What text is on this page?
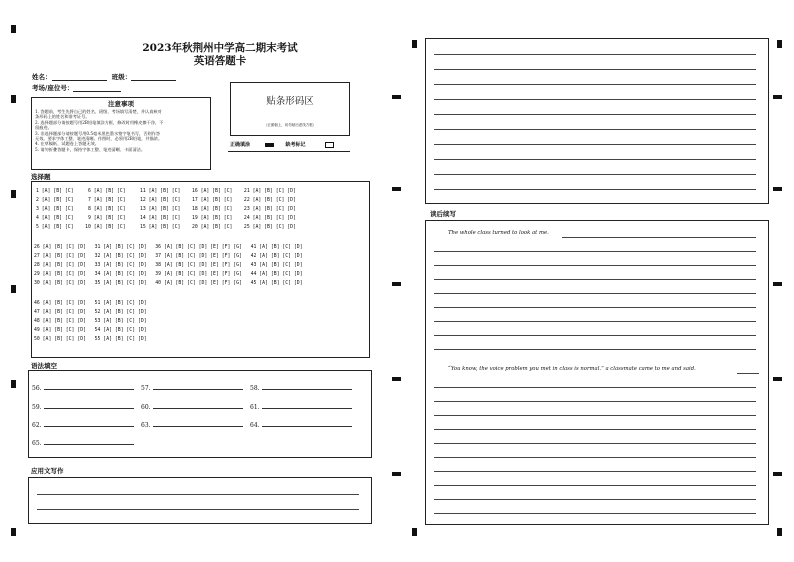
2023年秋荆州中学高二期末考试
英语答题卡
姓名：	班级：
考场/座位号：
注意事项
1. 答题前，考生先将自己的姓名、班级、考场填写清楚，并认真核对
条形码上的姓名和准考证号。
2. 选择题部分请按题号用2B铅笔填涂方框，修改时用橡皮擦干净，不
留痕迹。
3. 非选择题部分请按题号用0.5毫米黑色墨水签字笔书写，否则作答
无效。要求字体工整、笔迹清晰。作图时，必须用2B铅笔，并描浓。
4. 在草稿纸、试题卷上答题无效。
5. 请勿折叠答题卡，保持字体工整、笔迹清晰、卡面清洁。
贴条形码区
（正面朝上，切勿贴出虚线方框）
正确填涂	缺考标记
选择题
1 [A] [B] [C]     6 [A] [B] [C]     11 [A] [B] [C]    16 [A] [B] [C]    21 [A] [B] [C] [D]
2 [A] [B] [C]     7 [A] [B] [C]     12 [A] [B] [C]    17 [A] [B] [C]    22 [A] [B] [C] [D]
3 [A] [B] [C]     8 [A] [B] [C]     13 [A] [B] [C]    18 [A] [B] [C]    23 [A] [B] [C] [D]
4 [A] [B] [C]     9 [A] [B] [C]     14 [A] [B] [C]    19 [A] [B] [C]    24 [A] [B] [C] [D]
5 [A] [B] [C]    10 [A] [B] [C]     15 [A] [B] [C]    20 [A] [B] [C]    25 [A] [B] [C] [D]
26 [A] [B] [C] [D]   31 [A] [B] [C] [D]   36 [A] [B] [C] [D] [E] [F] [G]   41 [A] [B] [C] [D]
27 [A] [B] [C] [D]   32 [A] [B] [C] [D]   37 [A] [B] [C] [D] [E] [F] [G]   42 [A] [B] [C] [D]
28 [A] [B] [C] [D]   33 [A] [B] [C] [D]   38 [A] [B] [C] [D] [E] [F] [G]   43 [A] [B] [C] [D]
29 [A] [B] [C] [D]   34 [A] [B] [C] [D]   39 [A] [B] [C] [D] [E] [F] [G]   44 [A] [B] [C] [D]
30 [A] [B] [C] [D]   35 [A] [B] [C] [D]   40 [A] [B] [C] [D] [E] [F] [G]   45 [A] [B] [C] [D]
46 [A] [B] [C] [D]   51 [A] [B] [C] [D]
47 [A] [B] [C] [D]   52 [A] [B] [C] [D]
48 [A] [B] [C] [D]   53 [A] [B] [C] [D]
49 [A] [B] [C] [D]   54 [A] [B] [C] [D]
50 [A] [B] [C] [D]   55 [A] [B] [C] [D]
语法填空
56.	57.	58.
59.	60.	61.
62.	63.	64.
65.
应用文写作
读后续写
The whole class turned to look at me.
“You know, the voice problem you met in class is normal.” a classmate came to me and said.
